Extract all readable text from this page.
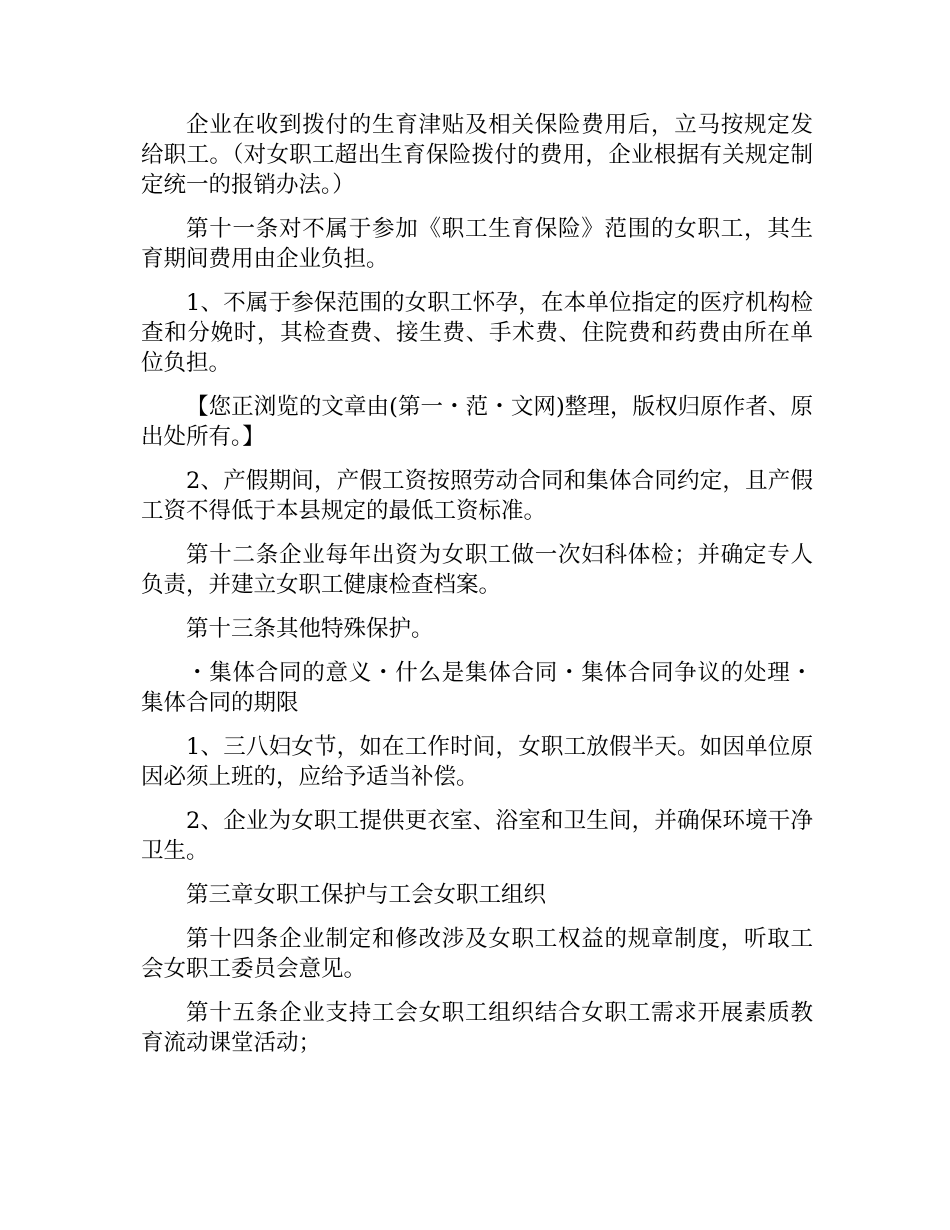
企业在收到拨付的生育津贴及相关保险费用后，立马按规定发给职工。（对女职工超出生育保险拨付的费用，企业根据有关规定制定统一的报销办法。）

第十一条对不属于参加《职工生育保险》范围的女职工，其生育期间费用由企业负担。

1、不属于参保范围的女职工怀孕，在本单位指定的医疗机构检查和分娩时，其检查费、接生费、手术费、住院费和药费由所在单位负担。

【您正浏览的文章由(第一・范・文网)整理，版权归原作者、原出处所有。】

2、产假期间，产假工资按照劳动合同和集体合同约定，且产假工资不得低于本县规定的最低工资标准。

第十二条企业每年出资为女职工做一次妇科体检；并确定专人负责，并建立女职工健康检查档案。

第十三条其他特殊保护。

・集体合同的意义・什么是集体合同・集体合同争议的处理・集体合同的期限

1、三八妇女节，如在工作时间，女职工放假半天。如因单位原因必须上班的，应给予适当补偿。

2、企业为女职工提供更衣室、浴室和卫生间，并确保环境干净卫生。

第三章女职工保护与工会女职工组织

第十四条企业制定和修改涉及女职工权益的规章制度，听取工会女职工委员会意见。

第十五条企业支持工会女职工组织结合女职工需求开展素质教育流动课堂活动；
